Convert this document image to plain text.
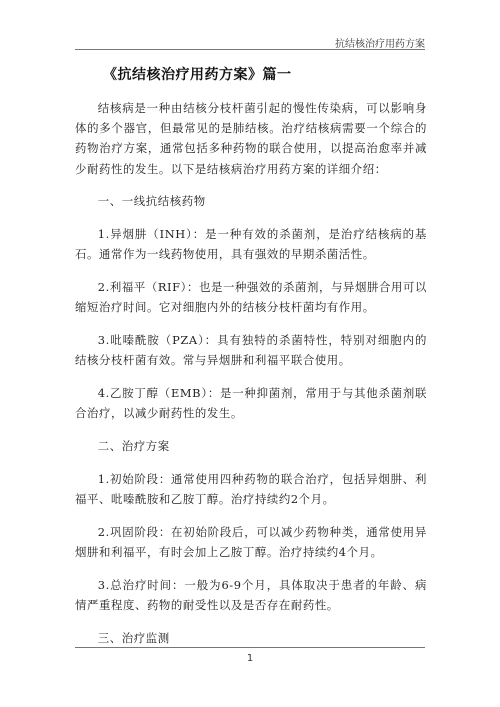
抗结核治疗用药方案
《抗结核治疗用药方案》篇一

结核病是一种由结核分枝杆菌引起的慢性传染病，可以影响身体的多个器官，但最常见的是肺结核。治疗结核病需要一个综合的药物治疗方案，通常包括多种药物的联合使用，以提高治愈率并减少耐药性的发生。以下是结核病治疗用药方案的详细介绍：

一、一线抗结核药物

1.异烟肼（INH）：是一种有效的杀菌剂，是治疗结核病的基石。通常作为一线药物使用，具有强效的早期杀菌活性。

2.利福平（RIF）：也是一种强效的杀菌剂，与异烟肼合用可以缩短治疗时间。它对细胞内外的结核分枝杆菌均有作用。

3.吡嗪酰胺（PZA）：具有独特的杀菌特性，特别对细胞内的结核分枝杆菌有效。常与异烟肼和利福平联合使用。

4.乙胺丁醇（EMB）：是一种抑菌剂，常用于与其他杀菌剂联合治疗，以减少耐药性的发生。

二、治疗方案

1.初始阶段：通常使用四种药物的联合治疗，包括异烟肼、利福平、吡嗪酰胺和乙胺丁醇。治疗持续约2个月。

2.巩固阶段：在初始阶段后，可以减少药物种类，通常使用异烟肼和利福平，有时会加上乙胺丁醇。治疗持续约4个月。

3.总治疗时间：一般为6-9个月，具体取决于患者的年龄、病情严重程度、药物的耐受性以及是否存在耐药性。

三、治疗监测

1
